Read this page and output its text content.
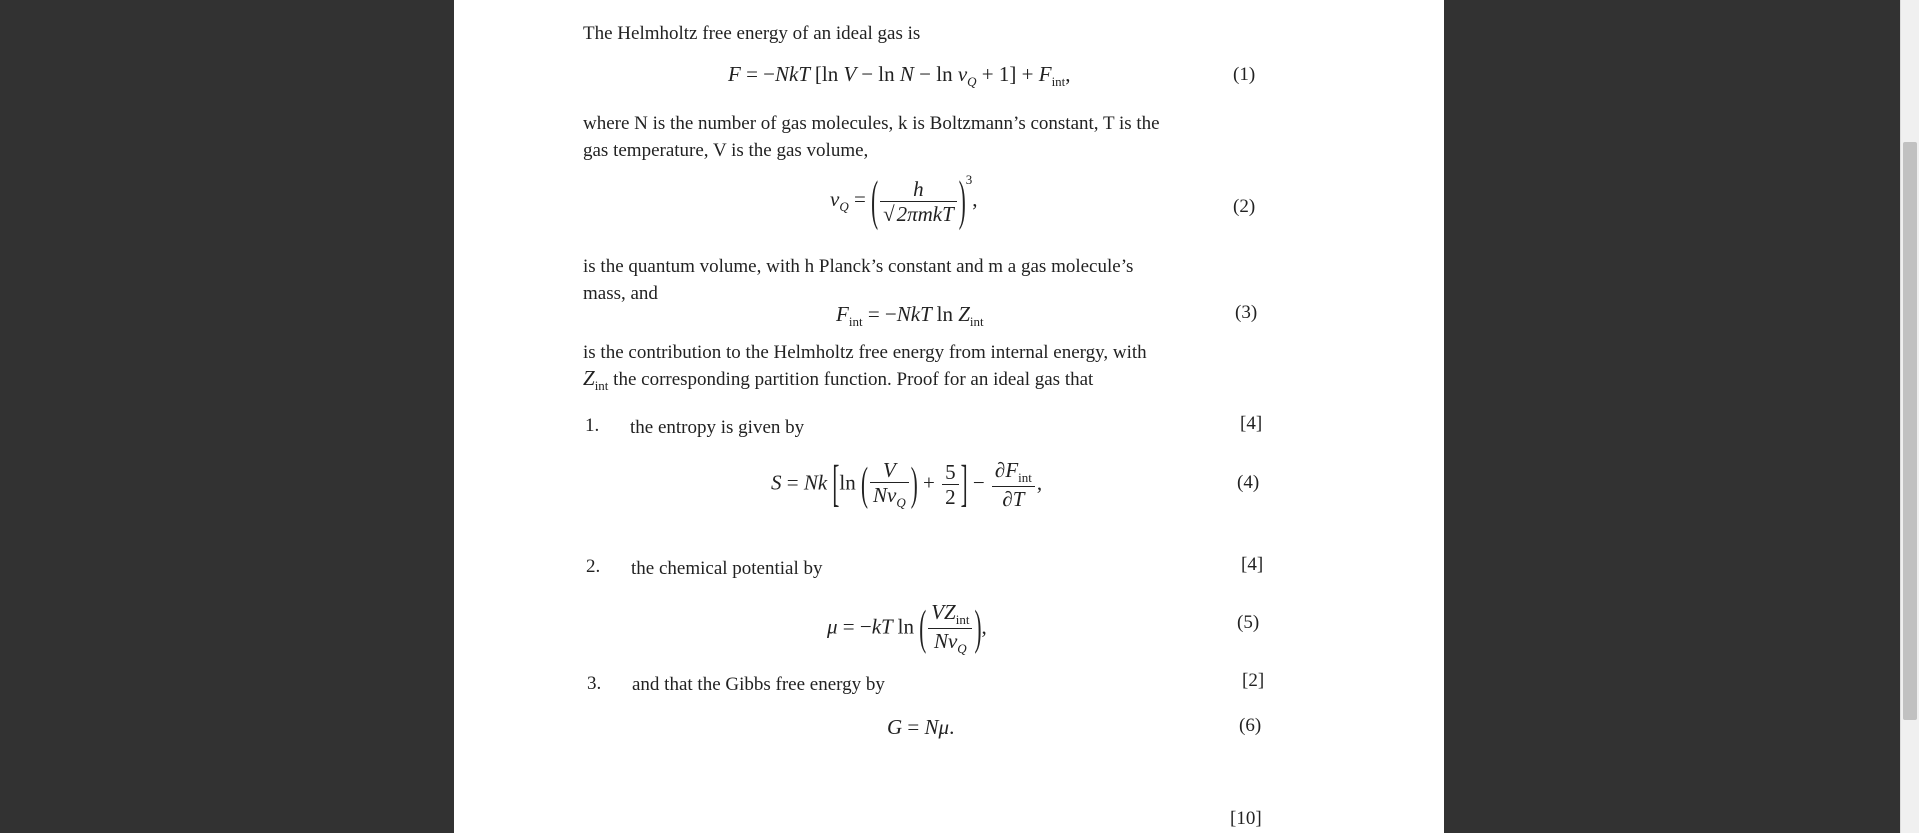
The Helmholtz free energy of an ideal gas is
F = −NkT [ln $V - \ln N - \ln v_Q + 1] + F_{int}$,	(1)
where N is the number of gas molecules, k is Boltzmann’s constant, T is the
gas temperature, V is the gas volume,
$v_Q$ = ( $\frac{h}{\text{√2πmkT}} )^3$,	(2)
is the quantum volume, with h Planck’s constant and m a gas molecule’s
mass, and
$F_{int} = -NkT$ $\ln Z_{int}$	(3)
is the contribution to the Helmholtz free energy from internal energy, with
$Z_{int}$ the corresponding partition function. Proof for an ideal gas that
1. the entropy is given by	[4]
S = Nk [ln ( $\frac{V}{Nv_Q}$ ) + $\frac{5}{2}$ ] − $\frac{\partial F_{int}}{\partial T}$ ,	(4)
2. the chemical potential by	[4]
μ = −kT ln ( $\frac{VZ_{int}}{Nv_Q}$ ),	(5)
3. and that the Gibbs free energy by	[2]
G = Nμ.	(6)
[10]
